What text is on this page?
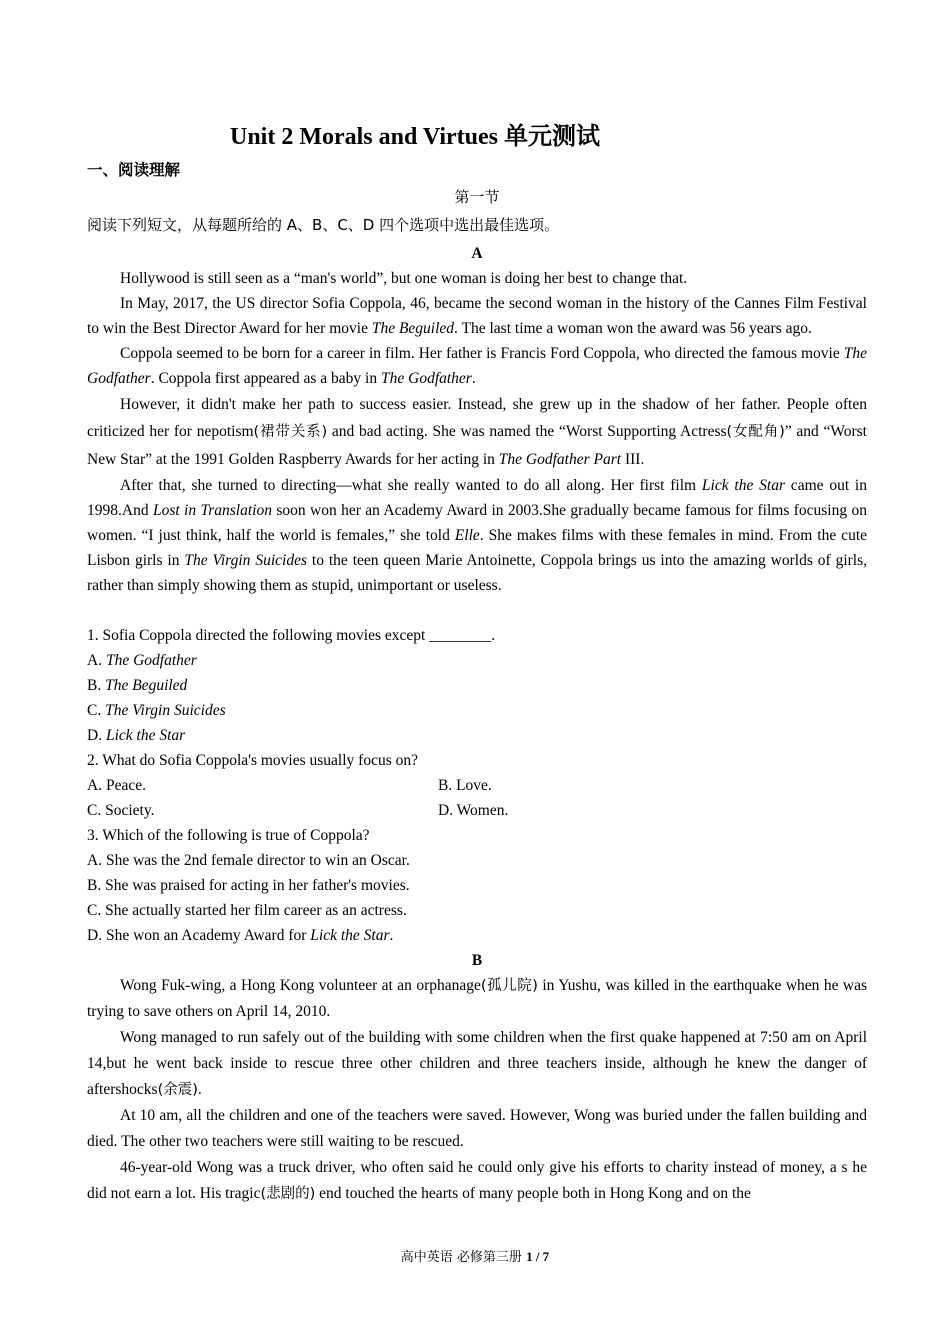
Unit 2 Morals and Virtues 单元测试
一、阅读理解
第一节
阅读下列短文，从每题所给的 A、B、C、D 四个选项中选出最佳选项。
A

Hollywood is still seen as a “man's world”, but one woman is doing her best to change that.

In May, 2017, the US director Sofia Coppola, 46, became the second woman in the history of the Cannes Film Festival to win the Best Director Award for her movie The Beguiled. The last time a woman won the award was 56 years ago.

Coppola seemed to be born for a career in film. Her father is Francis Ford Coppola, who directed the famous movie The Godfather. Coppola first appeared as a baby in The Godfather.

However, it didn't make her path to success easier. Instead, she grew up in the shadow of her father. People often criticized her for nepotism(裙带关系) and bad acting. She was named the “Worst Supporting Actress(女配角)” and “Worst New Star” at the 1991 Golden Raspberry Awards for her acting in The Godfather Part III.

After that, she turned to directing—what she really wanted to do all along. Her first film Lick the Star came out in 1998.And Lost in Translation soon won her an Academy Award in 2003.She gradually became famous for films focusing on women. “I just think, half the world is females,” she told Elle. She makes films with these females in mind. From the cute Lisbon girls in The Virgin Suicides to the teen queen Marie Antoinette, Coppola brings us into the amazing worlds of girls, rather than simply showing them as stupid, unimportant or useless.

1. Sofia Coppola directed the following movies except ________.
A. The Godfather
B. The Beguiled
C. The Virgin Suicides
D. Lick the Star
2. What do Sofia Coppola's movies usually focus on?
A. Peace.	B. Love.
C. Society.	D. Women.
3. Which of the following is true of Coppola?
A. She was the 2nd female director to win an Oscar.
B. She was praised for acting in her father's movies.
C. She actually started her film career as an actress.
D. She won an Academy Award for Lick the Star.
B

Wong Fuk-wing, a Hong Kong volunteer at an orphanage(孤儿院) in Yushu, was killed in the earthquake when he was trying to save others on April 14, 2010.

Wong managed to run safely out of the building with some children when the first quake happened at 7:50 am on April 14,but he went back inside to rescue three other children and three teachers inside, although he knew the danger of aftershocks(余震).

At 10 am, all the children and one of the teachers were saved. However, Wong was buried under the fallen building and died. The other two teachers were still waiting to be rescued.

46-year-old Wong was a truck driver, who often said he could only give his efforts to charity instead of money, a s he did not earn a lot. His tragic(悲剧的) end touched the hearts of many people both in Hong Kong and on the

高中英语 必修第三册 1 / 7
